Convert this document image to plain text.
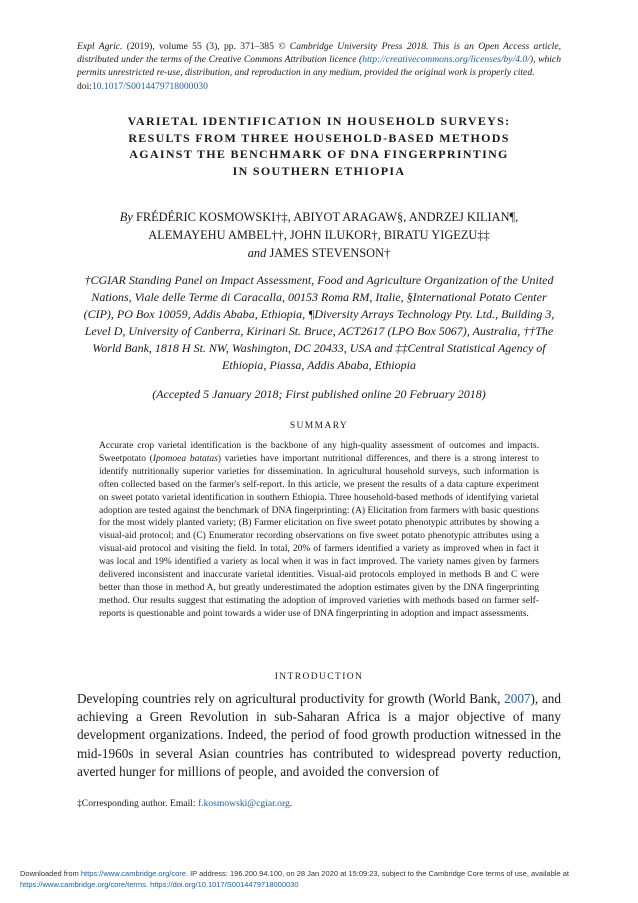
Expl Agric. (2019), volume 55 (3), pp. 371–385 © Cambridge University Press 2018. This is an Open Access article, distributed under the terms of the Creative Commons Attribution licence (http://creativecommons.org/licenses/by/4.0/), which permits unrestricted re-use, distribution, and reproduction in any medium, provided the original work is properly cited.
doi:10.1017/S0014479718000030
VARIETAL IDENTIFICATION IN HOUSEHOLD SURVEYS:
RESULTS FROM THREE HOUSEHOLD-BASED METHODS
AGAINST THE BENCHMARK OF DNA FINGERPRINTING
IN SOUTHERN ETHIOPIA
By FRÉDÉRIC KOSMOWSKI†‡, ABIYOT ARAGAW§, ANDRZEJ KILIAN¶,
ALEMAYEHU AMBEL††, JOHN ILUKOR†, BIRATU YIGEZU‡‡
and JAMES STEVENSON†
†CGIAR Standing Panel on Impact Assessment, Food and Agriculture Organization of the United Nations, Viale delle Terme di Caracalla, 00153 Roma RM, Italie, §International Potato Center (CIP), PO Box 10059, Addis Ababa, Ethiopia, ¶Diversity Arrays Technology Pty. Ltd., Building 3, Level D, University of Canberra, Kirinari St. Bruce, ACT2617 (LPO Box 5067), Australia, ††The World Bank, 1818 H St. NW, Washington, DC 20433, USA and ‡‡Central Statistical Agency of Ethiopia, Piassa, Addis Ababa, Ethiopia
(Accepted 5 January 2018; First published online 20 February 2018)
SUMMARY
Accurate crop varietal identification is the backbone of any high-quality assessment of outcomes and impacts. Sweetpotato (Ipomoea batatas) varieties have important nutritional differences, and there is a strong interest to identify nutritionally superior varieties for dissemination. In agricultural household surveys, such information is often collected based on the farmer's self-report. In this article, we present the results of a data capture experiment on sweet potato varietal identification in southern Ethiopia. Three household-based methods of identifying varietal adoption are tested against the benchmark of DNA fingerprinting: (A) Elicitation from farmers with basic questions for the most widely planted variety; (B) Farmer elicitation on five sweet potato phenotypic attributes by showing a visual-aid protocol; and (C) Enumerator recording observations on five sweet potato phenotypic attributes using a visual-aid protocol and visiting the field. In total, 20% of farmers identified a variety as improved when in fact it was local and 19% identified a variety as local when it was in fact improved. The variety names given by farmers delivered inconsistent and inaccurate varietal identities. Visual-aid protocols employed in methods B and C were better than those in method A, but greatly underestimated the adoption estimates given by the DNA fingerprinting method. Our results suggest that estimating the adoption of improved varieties with methods based on farmer self-reports is questionable and point towards a wider use of DNA fingerprinting in adoption and impact assessments.
INTRODUCTION
Developing countries rely on agricultural productivity for growth (World Bank, 2007), and achieving a Green Revolution in sub-Saharan Africa is a major objective of many development organizations. Indeed, the period of food growth production witnessed in the mid-1960s in several Asian countries has contributed to widespread poverty reduction, averted hunger for millions of people, and avoided the conversion of
‡Corresponding author. Email: f.kosmowski@cgiar.org.
Downloaded from https://www.cambridge.org/core. IP address: 196.200.94.100, on 28 Jan 2020 at 15:09:23, subject to the Cambridge Core terms of use, available at
https://www.cambridge.org/core/terms. https://doi.org/10.1017/S0014479718000030
